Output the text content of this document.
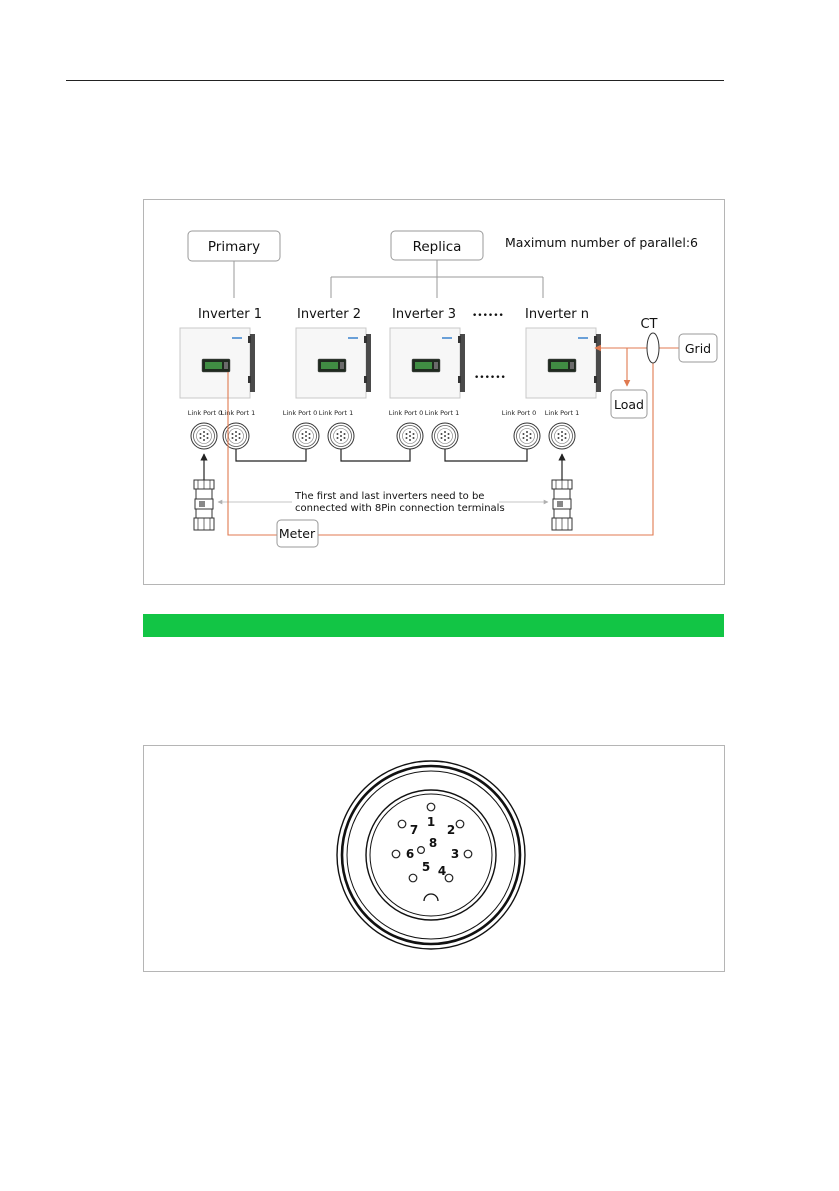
Primary	Replica	Maximum number of parallel:6
Inverter 1	Inverter 2 Inverter 3 •••••• Inverter n
••••••
Link Port 0
Link Port 1	Link Port 0 Link Port 1	Link Port 0 Link Port 1	Link Port 0 Link Port 1
The first and last inverters need to be
connected with 8Pin connection terminals
CT
Grid
Load
Meter
1
2
3
4
5
6
7
8
